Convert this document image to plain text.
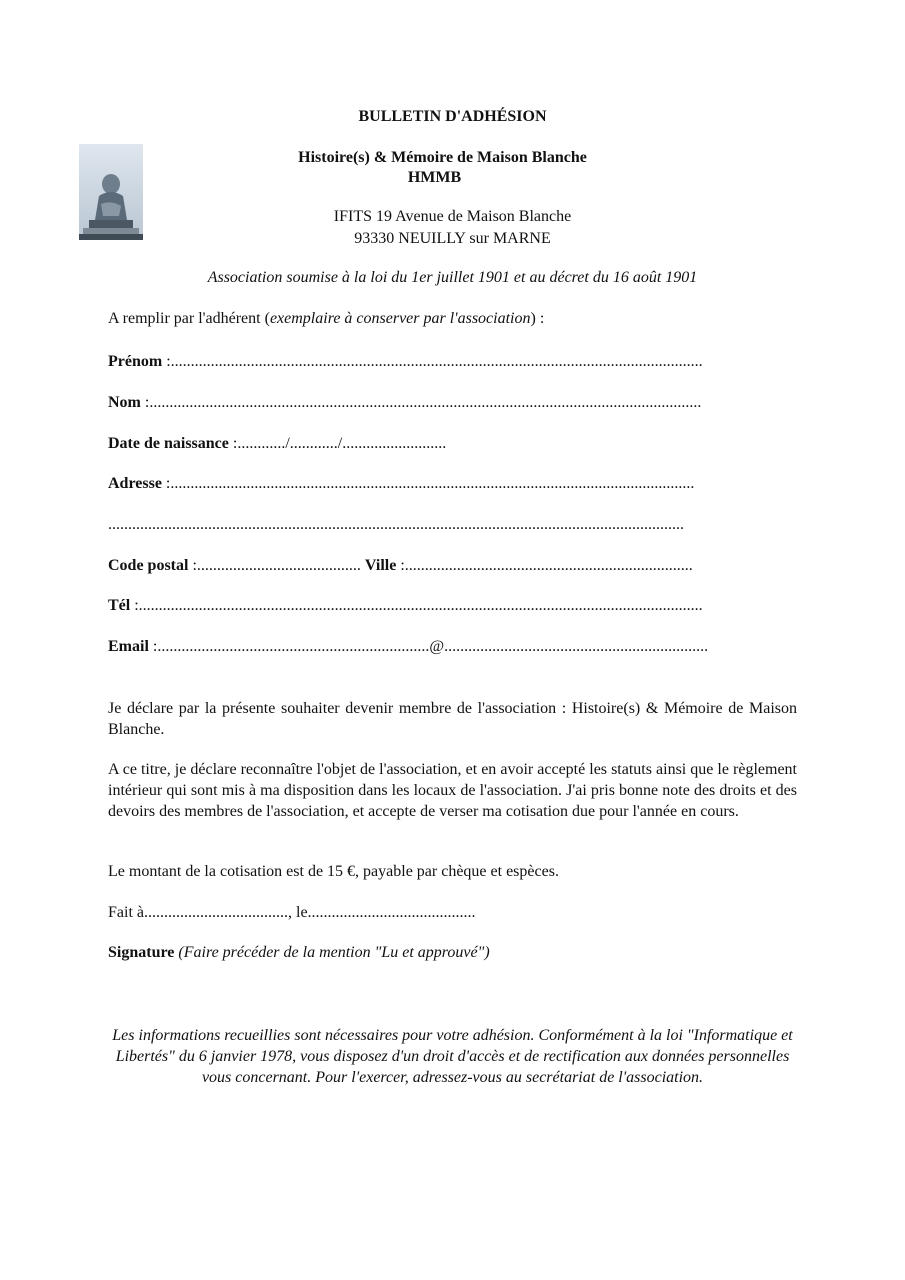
BULLETIN D'ADHÉSION
Histoire(s) & Mémoire de Maison Blanche
HMMB
IFITS 19 Avenue de Maison Blanche
93330 NEUILLY sur MARNE
Association soumise à la loi du 1er juillet 1901 et au décret du 16 août 1901
A remplir par l'adhérent (exemplaire à conserver par l'association) :
Prénom :.....................................................................................................................................
Nom :..........................................................................................................................................
Date de naissance :............/............/..........................
Adresse :...................................................................................................................................
................................................................................................................................................
Code postal :......................................... Ville :........................................................................
Tél :.............................................................................................................................................
Email :....................................................................@..................................................................
Je déclare par la présente souhaiter devenir membre de l'association : Histoire(s) & Mémoire de Maison Blanche.
A ce titre, je déclare reconnaître l'objet de l'association, et en avoir accepté les statuts ainsi que le règlement intérieur qui sont mis à ma disposition dans les locaux de l'association. J'ai pris bonne note des droits et des devoirs des membres de l'association, et accepte de verser ma cotisation due pour l'année en cours.
Le montant de la cotisation est de 15 €, payable par chèque et espèces.
Fait à...................................., le..........................................
Signature (Faire précéder de la mention "Lu et approuvé")
Les informations recueillies sont nécessaires pour votre adhésion. Conformément à la loi "Informatique et Libertés" du 6 janvier 1978, vous disposez d'un droit d'accès et de rectification aux données personnelles vous concernant. Pour l'exercer, adressez-vous au secrétariat de l'association.
